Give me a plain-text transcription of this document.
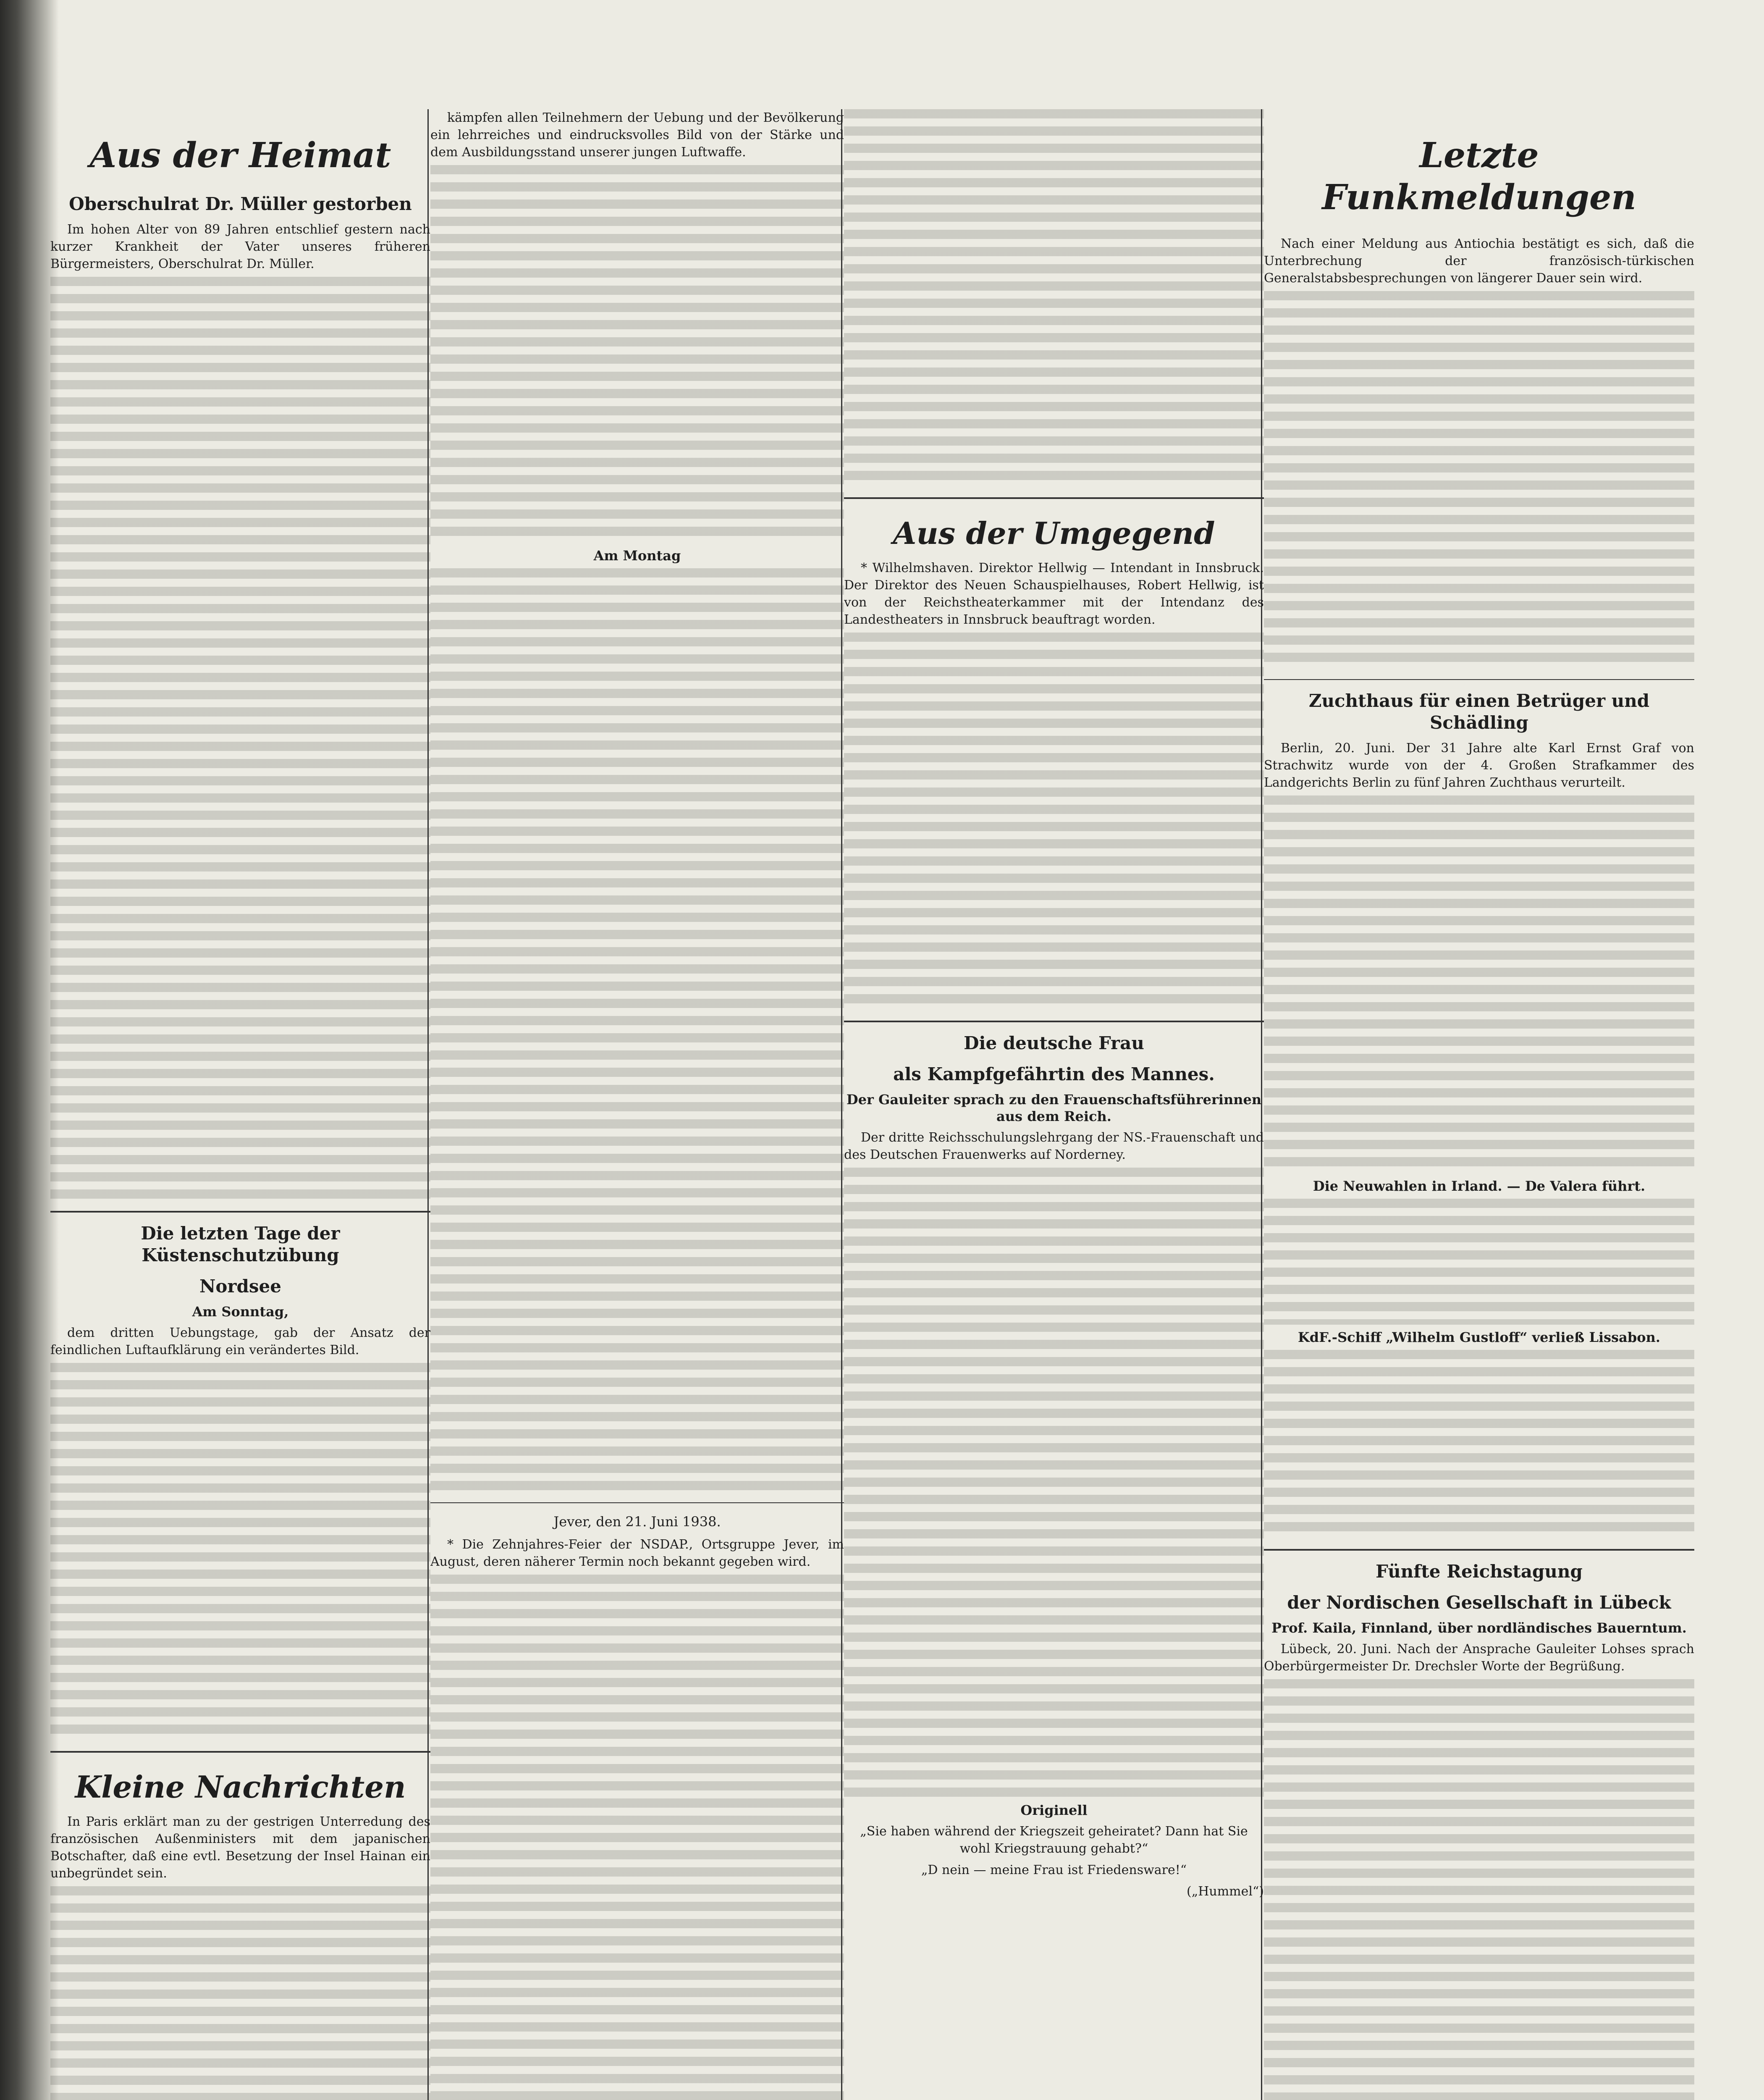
Aus der Heimat
Oberschulrat Dr. Müller gestorben

Im hohen Alter von 89 Jahren entschlief gestern nach kurzer Krankheit der Vater unseres früheren Bürgermeisters, Oberschulrat Dr. Müller.

Die letzten Tage der Küstenschutzübung
Nordsee
Am Sonntag,

dem dritten Uebungstage, gab der Ansatz der feindlichen Luftaufklärung ein verändertes Bild.

Kleine Nachrichten

In Paris erklärt man zu der gestrigen Unterredung des französischen Außenministers mit dem japanischen Botschafter, daß eine evtl. Besetzung der Insel Hainan ein unbegründet sein.

kämpfen allen Teilnehmern der Uebung und der Bevölkerung ein lehrreiches und eindrucksvolles Bild von der Stärke und dem Ausbildungsstand unserer jungen Luftwaffe.

Am Montag
Jever, den 21. Juni 1938.

* Die Zehnjahres-Feier der NSDAP., Ortsgruppe Jever, im August, deren näherer Termin noch bekannt gegeben wird.

Aus der Umgegend

* Wilhelmshaven. Direktor Hellwig — Intendant in Innsbruck. Der Direktor des Neuen Schauspielhauses, Robert Hellwig, ist von der Reichstheaterkammer mit der Intendanz des Landestheaters in Innsbruck beauftragt worden.

Die deutsche Frau
als Kampfgefährtin des Mannes.
Der Gauleiter sprach zu den Frauenschaftsführerinnen aus dem Reich.

Der dritte Reichsschulungslehrgang der NS.-Frauenschaft und des Deutschen Frauenwerks auf Norderney.

Originell

„Sie haben während der Kriegszeit geheiratet? Dann hat Sie wohl Kriegstrauung gehabt?“

„D nein — meine Frau ist Friedensware!“

(„Hummel“)

Letzte Funkmeldungen

Nach einer Meldung aus Antiochia bestätigt es sich, daß die Unterbrechung der französisch-türkischen Generalstabsbesprechungen von längerer Dauer sein wird.

Zuchthaus für einen Betrüger und Schädling

Berlin, 20. Juni. Der 31 Jahre alte Karl Ernst Graf von Strachwitz wurde von der 4. Großen Strafkammer des Landgerichts Berlin zu fünf Jahren Zuchthaus verurteilt.

Die Neuwahlen in Irland. — De Valera führt.
KdF.-Schiff „Wilhelm Gustloff“ verließ Lissabon.
Fünfte Reichstagung
der Nordischen Gesellschaft in Lübeck
Prof. Kaila, Finnland, über nordländisches Bauerntum.

Lübeck, 20. Juni. Nach der Ansprache Gauleiter Lohses sprach Oberbürgermeister Dr. Drechsler Worte der Begrüßung.
